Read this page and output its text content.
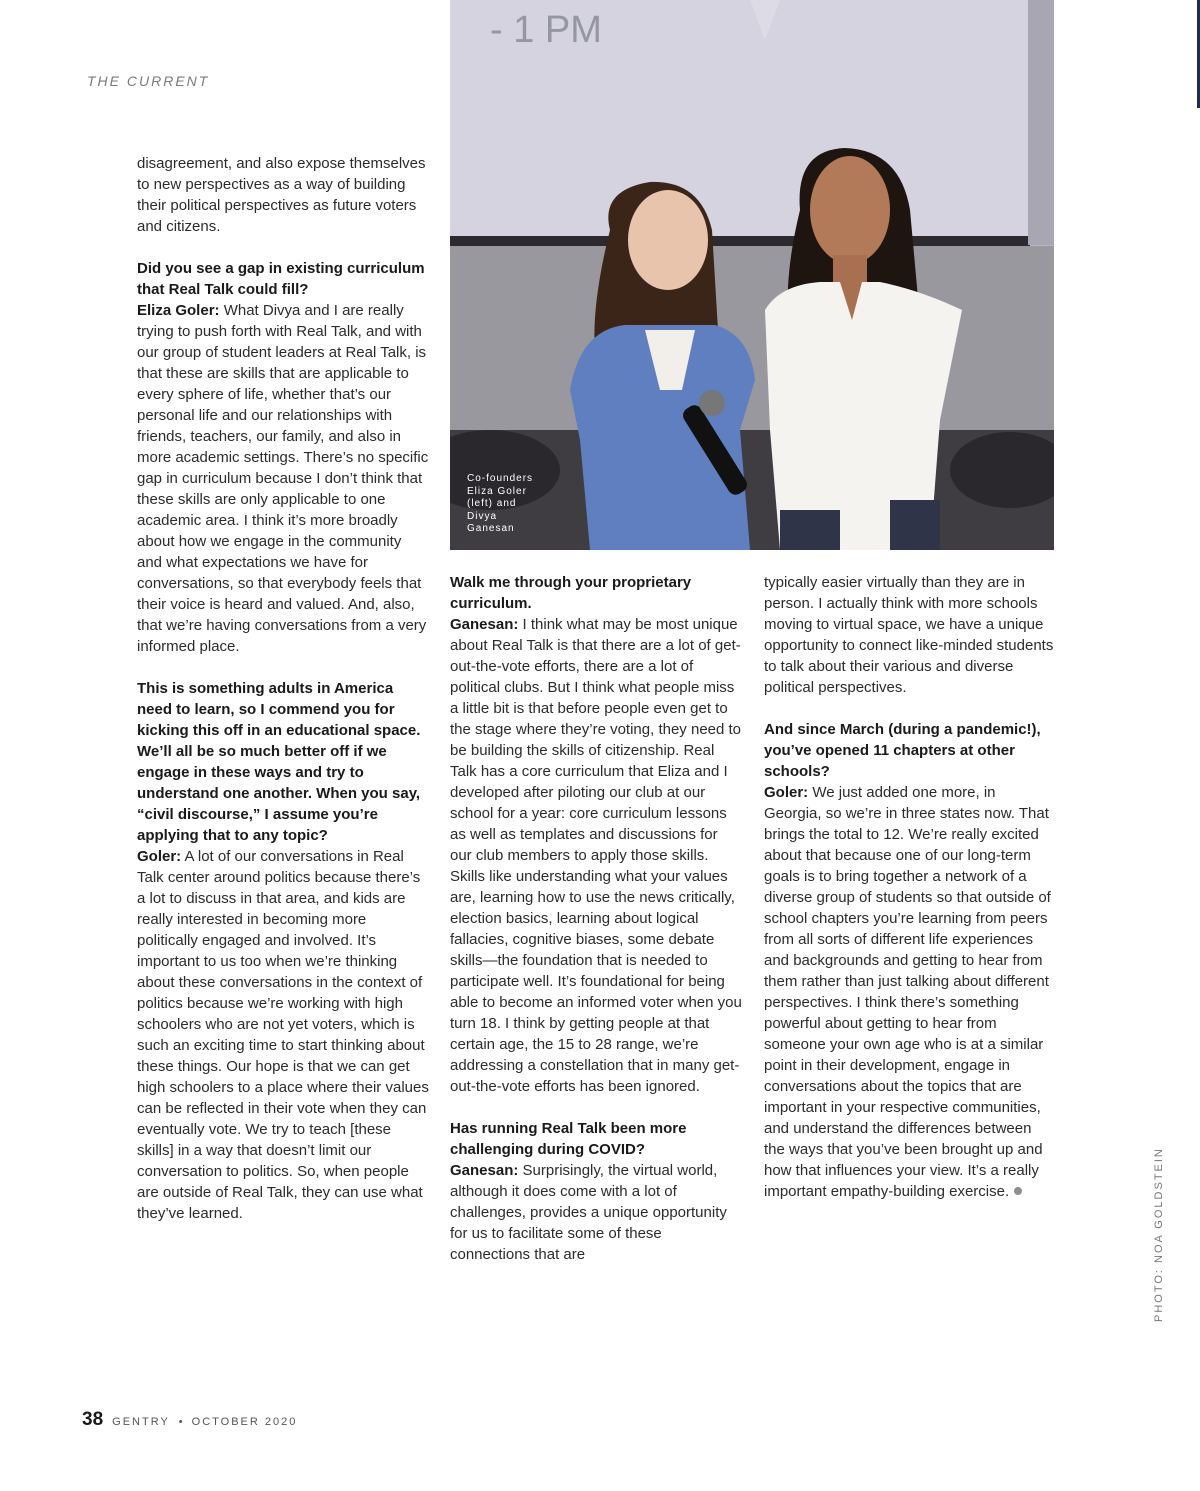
THE CURRENT
- 1 PM
Co-founders
Eliza Goler
(left) and
Divya
Ganesan

disagreement, and also expose themselves to new perspectives as a way of building their political perspectives as future voters and citizens.

Did you see a gap in existing curriculum that Real Talk could fill?
Eliza Goler: What Divya and I are really trying to push forth with Real Talk, and with our group of student leaders at Real Talk, is that these are skills that are applicable to every sphere of life, whether that’s our personal life and our relationships with friends, teachers, our family, and also in more academic settings. There’s no specific gap in curriculum because I don’t think that these skills are only applicable to one academic area. I think it’s more broadly about how we engage in the community and what expectations we have for conversations, so that everybody feels that their voice is heard and valued. And, also, that we’re having conversations from a very informed place.

This is something adults in America need to learn, so I commend you for kicking this off in an educational space. We’ll all be so much better off if we engage in these ways and try to understand one another. When you say, “civil discourse,” I assume you’re applying that to any topic?
Goler: A lot of our conversations in Real Talk center around politics because there’s a lot to discuss in that area, and kids are really interested in becoming more politically engaged and involved. It’s important to us too when we’re thinking about these conversations in the context of politics because we’re working with high schoolers who are not yet voters, which is such an exciting time to start thinking about these things. Our hope is that we can get high schoolers to a place where their values can be reflected in their vote when they can eventually vote. We try to teach [these skills] in a way that doesn’t limit our conversation to politics. So, when people are outside of Real Talk, they can use what they’ve learned.

Walk me through your proprietary curriculum.
Ganesan: I think what may be most unique about Real Talk is that there are a lot of get-out-the-vote efforts, there are a lot of political clubs. But I think what people miss a little bit is that before people even get to the stage where they’re voting, they need to be building the skills of citizenship. Real Talk has a core curriculum that Eliza and I developed after piloting our club at our school for a year: core curriculum lessons as well as templates and discussions for our club members to apply those skills. Skills like understanding what your values are, learning how to use the news critically, election basics, learning about logical fallacies, cognitive biases, some debate skills—the foundation that is needed to participate well. It’s foundational for being able to become an informed voter when you turn 18. I think by getting people at that certain age, the 15 to 28 range, we’re addressing a constellation that in many get-out-the-vote efforts has been ignored.

Has running Real Talk been more challenging during COVID?
Ganesan: Surprisingly, the virtual world, although it does come with a lot of challenges, provides a unique opportunity for us to facilitate some of these connections that are

typically easier virtually than they are in person. I actually think with more schools moving to virtual space, we have a unique opportunity to connect like-minded students to talk about their various and diverse political perspectives.

And since March (during a pandemic!), you’ve opened 11 chapters at other schools?
Goler: We just added one more, in Georgia, so we’re in three states now. That brings the total to 12. We’re really excited about that because one of our long-term goals is to bring together a network of a diverse group of students so that outside of school chapters you’re learning from peers from all sorts of different life experiences and backgrounds and getting to hear from them rather than just talking about different perspectives. I think there’s something powerful about getting to hear from someone your own age who is at a similar point in their development, engage in conversations about the topics that are important in your respective communities, and understand the differences between the ways that you’ve been brought up and how that influences your view. It’s a really important empathy-building exercise.	PHOTO: NOA GOLDSTEIN
38 GENTRY • OCTOBER 2020
